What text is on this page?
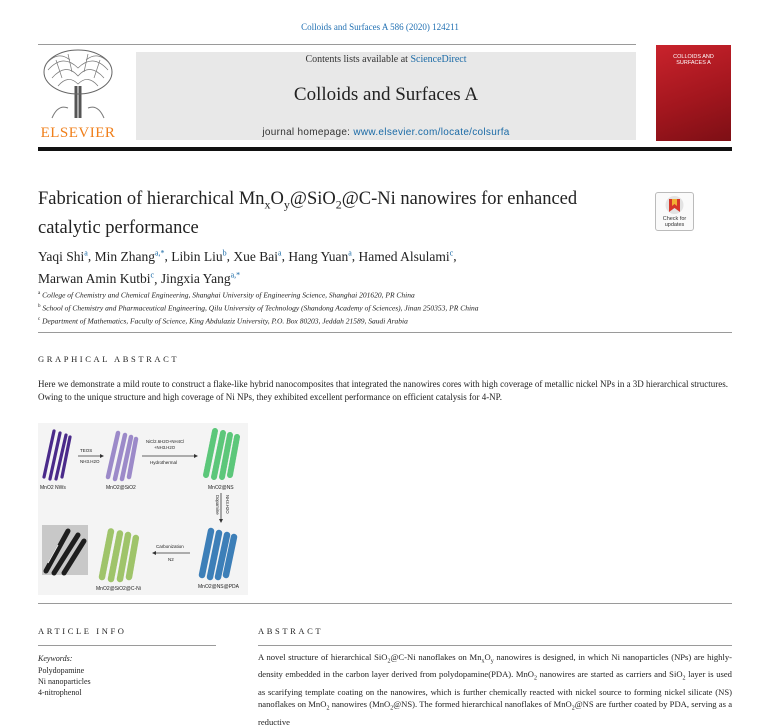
Colloids and Surfaces A 586 (2020) 124211
ELSEVIER
Contents lists available at ScienceDirect
Colloids and Surfaces A
journal homepage: www.elsevier.com/locate/colsurfa
COLLOIDS AND SURFACES A
Fabrication of hierarchical $Mn_xO_y@SiO_2@C-Ni$ nanowires for enhanced
catalytic performance	Check for updates
Yaqi Shi$^a$, Min Zhang$^{a,*}$, Libin Liu$^b$, Xue Bai$^a$, Hang Yuan$^a$, Hamed Alsulami$^c$,
Marwan Amin Kutbi$^c$, Jingxia Yang$^{a,*}$
$^a$ College of Chemistry and Chemical Engineering, Shanghai University of Engineering Science, Shanghai 201620, PR China
$^b$ School of Chemistry and Pharmaceutical Engineering, Qilu University of Technology (Shandong Academy of Sciences), Jinan 250353, PR China
$^c$ Department of Mathematics, Faculty of Science, King Abdulaziz University, P.O. Box 80203, Jeddah 21589, Saudi Arabia
GRAPHICAL ABSTRACT
Here we demonstrate a mild route to construct a flake-like hybrid nanocomposites that integrated the nanowires cores with high coverage of metallic nickel NPs in a 3D hierarchical structures. Owing to the unique structure and high coverage of Ni NPs, they exhibited excellent performance on efficient catalysis for 4-NP.
MnO2 NWs
TEOS
NH3.H2O
MnO2@SiO2
NiCl2.6H2O+NH4Cl
+NH3.H2O
Hydrothermal
MnO2@NS
Dopamine NH3.H2O
MnO2@NS@PDA
Carbonization
N2
MnO2@SiO2@C-Ni
ARTICLE INFO
Keywords:
Polydopamine
Ni nanoparticles
4-nitrophenol
ABSTRACT
A novel structure of hierarchical SiO$_2$@C-Ni nanoflakes on $Mn_xO_y$ nanowires is designed, in which Ni nanoparticles (NPs) are highly-density embedded in the carbon layer derived from polydopamine(PDA). MnO$_2$ nanowires are started as carriers and SiO$_2$ layer is used as scarifying template coating on the nanowires, which is further chemically reacted with nickel source to forming nickel silicate (NS) nanoflakes on MnO$_2$ nanowires (MnO$_2$@NS). The formed hierarchical nanoflakes of MnO$_2$@NS are further coated by PDA, serving as a reductive
